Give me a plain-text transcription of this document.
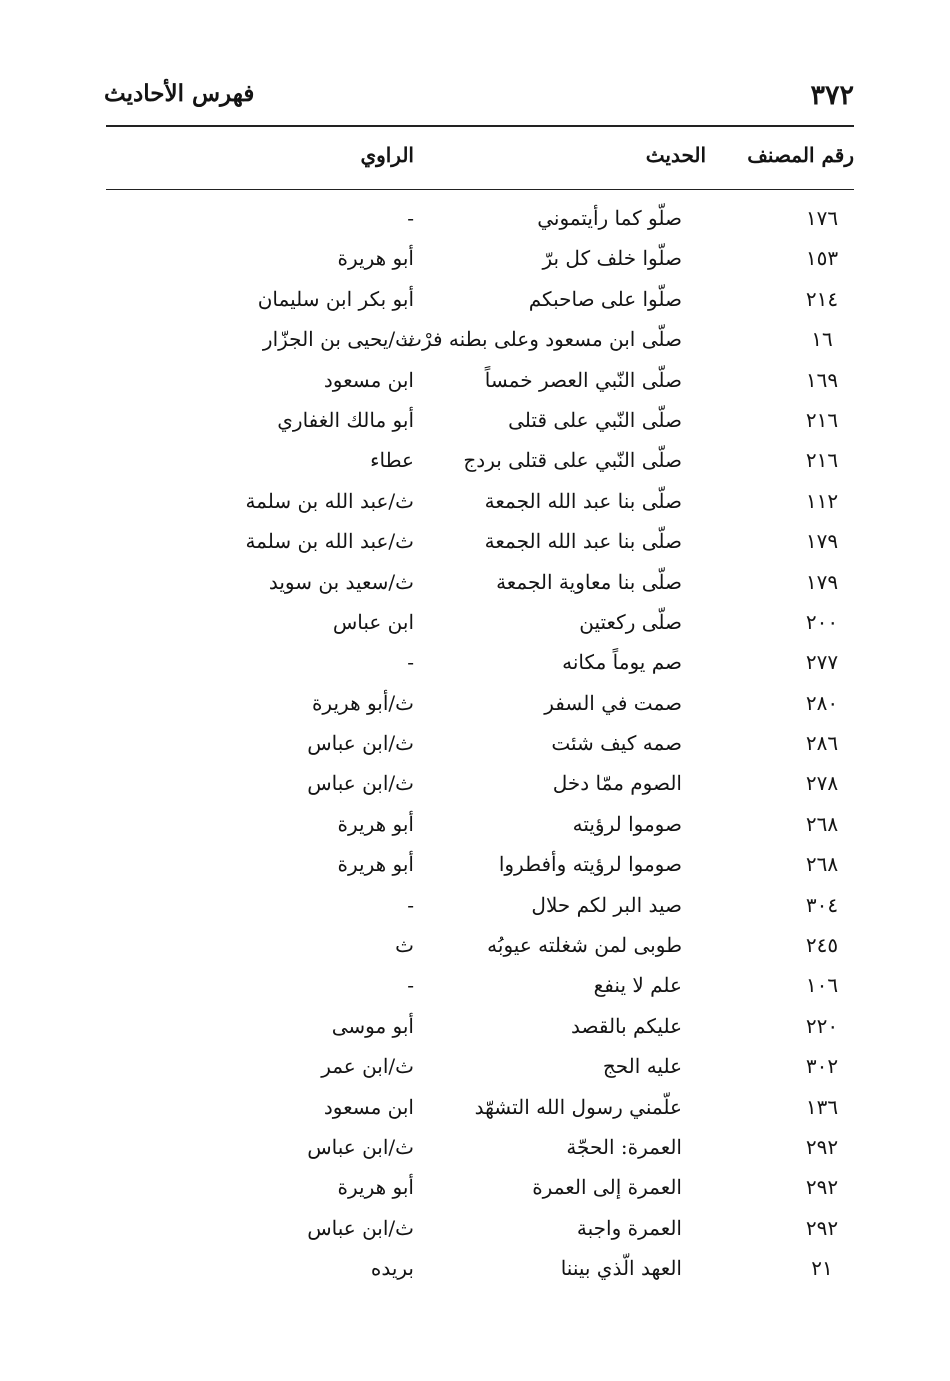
٣٧٢
فهرس الأحاديث
رقم المصنف
الحديث
الراوي
١٧٦
صلّو كما رأيتموني
-
١٥٣
صلّوا خلف كل برّ
أبو هريرة
٢١٤
صلّوا على صاحبكم
أبو بكر ابن سليمان
١٦
صلّى ابن مسعود وعلى بطنه فرْث
ث/يحيى بن الجزّار
١٦٩
صلّى النّبي العصر خمساً
ابن مسعود
٢١٦
صلّى النّبي على قتلى
أبو مالك الغفاري
٢١٦
صلّى النّبي على قتلى بردج
عطاء
١١٢
صلّى بنا عبد الله الجمعة
ث/عبد الله بن سلمة
١٧٩
صلّى بنا عبد الله الجمعة
ث/عبد الله بن سلمة
١٧٩
صلّى بنا معاوية الجمعة
ث/سعيد بن سويد
٢٠٠
صلّى ركعتين
ابن عباس
٢٧٧
صم يوماً مكانه
-
٢٨٠
صمت في السفر
ث/أبو هريرة
٢٨٦
صمه كيف شئت
ث/ابن عباس
٢٧٨
الصوم ممّا دخل
ث/ابن عباس
٢٦٨
صوموا لرؤيته
أبو هريرة
٢٦٨
صوموا لرؤيته وأفطروا
أبو هريرة
٣٠٤
صيد البر لكم حلال
-
٢٤٥
طوبى لمن شغلته عيوبُه
ث
١٠٦
علم لا ينفع
-
٢٢٠
عليكم بالقصد
أبو موسى
٣٠٢
عليه الحج
ث/ابن عمر
١٣٦
علّمني رسول الله التشهّد
ابن مسعود
٢٩٢
العمرة: الحجّة
ث/ابن عباس
٢٩٢
العمرة إلى العمرة
أبو هريرة
٢٩٢
العمرة واجبة
ث/ابن عباس
٢١
العهد الّذي بيننا
بريده
